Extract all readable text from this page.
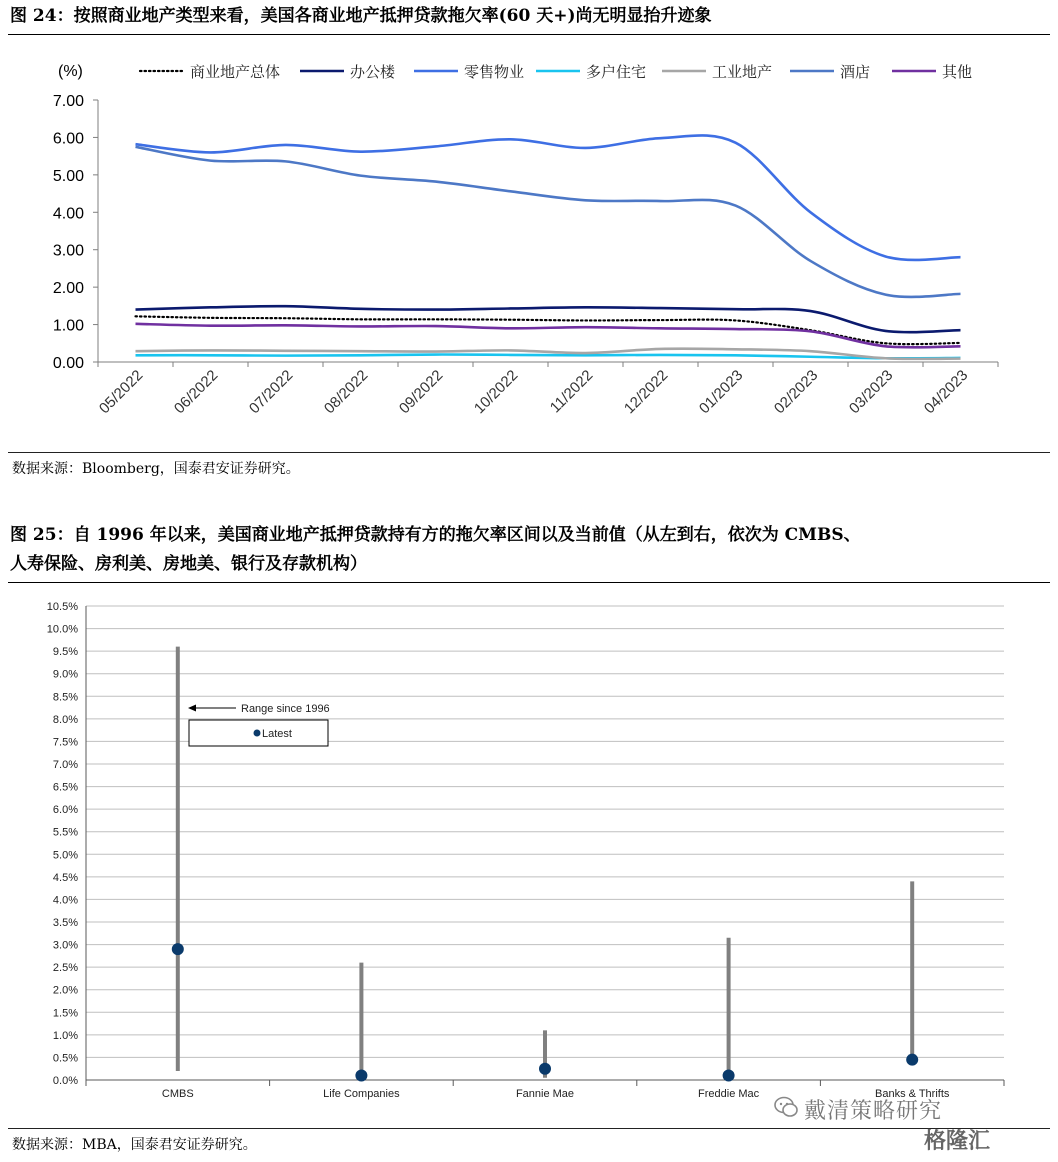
图 24：按照商业地产类型来看，美国各商业地产抵押贷款拖欠率(60 天+)尚无明显抬升迹象
0.00
1.00
2.00
3.00
4.00
5.00
6.00
7.00
(%)
05/2022 06/2022 07/2022 08/2022 09/2022 10/2022 11/2022 12/2022 01/2023 02/2023 03/2023 04/2023
商业地产总体	办公楼	零售物业	多户住宅	工业地产	酒店	其他
数据来源：Bloomberg，国泰君安证券研究。
图 25：自 1996 年以来，美国商业地产抵押贷款持有方的拖欠率区间以及当前值（从左到右，依次为 CMBS、
人寿保险、房利美、房地美、银行及存款机构）
0.0%
0.5%
1.0%
1.5%
2.0%
2.5%
3.0%
3.5%
4.0%
4.5%
5.0%
5.5%
6.0%
6.5%
7.0%
7.5%
8.0%
8.5%
9.0%
9.5%
10.0%
10.5%
CMBS	Life Companies	Fannie Mae	Freddie Mac	Banks & Thrifts
Range since 1996
Latest
数据来源：MBA，国泰君安证券研究。
戴清策略研究
格隆汇
